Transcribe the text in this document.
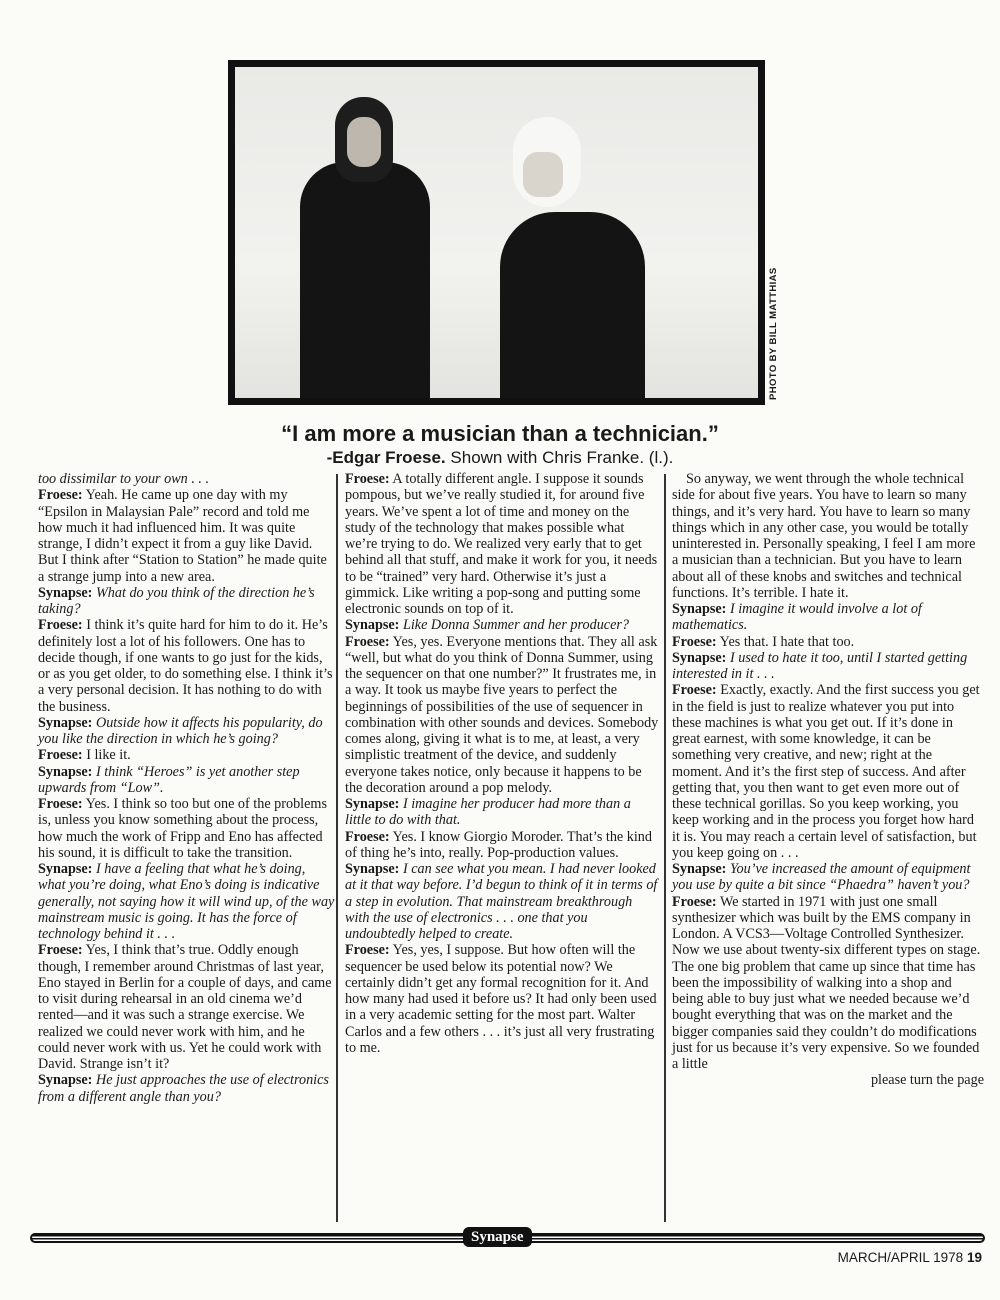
PHOTO BY BILL MATTHIAS
“I am more a musician than a technician.”
-Edgar Froese. Shown with Chris Franke. (l.).

too dissimilar to your own . . .

Froese: Yeah. He came up one day with my “Epsilon in Malaysian Pale” record and told me how much it had influenced him. It was quite strange, I didn’t expect it from a guy like David. But I think after “Station to Station” he made quite a strange jump into a new area.

Synapse: What do you think of the direction he’s taking?

Froese: I think it’s quite hard for him to do it. He’s definitely lost a lot of his followers. One has to decide though, if one wants to go just for the kids, or as you get older, to do something else. I think it’s a very personal decision. It has nothing to do with the business.

Synapse: Outside how it affects his popularity, do you like the direction in which he’s going?

Froese: I like it.

Synapse: I think “Heroes” is yet another step upwards from “Low”.

Froese: Yes. I think so too but one of the problems is, unless you know something about the process, how much the work of Fripp and Eno has affected his sound, it is difficult to take the transition.

Synapse: I have a feeling that what he’s doing, what you’re doing, what Eno’s doing is indicative generally, not saying how it will wind up, of the way mainstream music is going. It has the force of technology behind it . . .

Froese: Yes, I think that’s true. Oddly enough though, I remember around Christmas of last year, Eno stayed in Berlin for a couple of days, and came to visit during rehearsal in an old cinema we’d rented—and it was such a strange exercise. We realized we could never work with him, and he could never work with us. Yet he could work with David. Strange isn’t it?

Synapse: He just approaches the use of electronics from a different angle than you?

Froese: A totally different angle. I suppose it sounds pompous, but we’ve really studied it, for around five years. We’ve spent a lot of time and money on the study of the technology that makes possible what we’re trying to do. We realized very early that to get behind all that stuff, and make it work for you, it needs to be “trained” very hard. Otherwise it’s just a gimmick. Like writing a pop-song and putting some electronic sounds on top of it.

Synapse: Like Donna Summer and her producer?

Froese: Yes, yes. Everyone mentions that. They all ask “well, but what do you think of Donna Summer, using the sequencer on that one number?” It frustrates me, in a way. It took us maybe five years to perfect the beginnings of possibilities of the use of sequencer in combination with other sounds and devices. Somebody comes along, giving it what is to me, at least, a very simplistic treatment of the device, and suddenly everyone takes notice, only because it happens to be the decoration around a pop melody.

Synapse: I imagine her producer had more than a little to do with that.

Froese: Yes. I know Giorgio Moroder. That’s the kind of thing he’s into, really. Pop-production values.

Synapse: I can see what you mean. I had never looked at it that way before. I’d begun to think of it in terms of a step in evolution. That mainstream breakthrough with the use of electronics . . . one that you undoubtedly helped to create.

Froese: Yes, yes, I suppose. But how often will the sequencer be used below its potential now? We certainly didn’t get any formal recognition for it. And how many had used it before us? It had only been used in a very academic setting for the most part. Walter Carlos and a few others . . . it’s just all very frustrating to me.

So anyway, we went through the whole technical side for about five years. You have to learn so many things, and it’s very hard. You have to learn so many things which in any other case, you would be totally uninterested in. Personally speaking, I feel I am more a musician than a technician. But you have to learn about all of these knobs and switches and technical functions. It’s terrible. I hate it.

Synapse: I imagine it would involve a lot of mathematics.

Froese: Yes that. I hate that too.

Synapse: I used to hate it too, until I started getting interested in it . . .

Froese: Exactly, exactly. And the first success you get in the field is just to realize whatever you put into these machines is what you get out. If it’s done in great earnest, with some knowledge, it can be something very creative, and new; right at the moment. And it’s the first step of success. And after getting that, you then want to get even more out of these technical gorillas. So you keep working, you keep working and in the process you forget how hard it is. You may reach a certain level of satisfaction, but you keep going on . . .

Synapse: You’ve increased the amount of equipment you use by quite a bit since “Phaedra” haven’t you?

Froese: We started in 1971 with just one small synthesizer which was built by the EMS company in London. A VCS3—Voltage Controlled Synthesizer. Now we use about twenty-six different types on stage. The one big problem that came up since that time has been the impossibility of walking into a shop and being able to buy just what we needed because we’d bought everything that was on the market and the bigger companies said they couldn’t do modifications just for us because it’s very expensive. So we founded a little

please turn the page

Synapse
MARCH/APRIL 1978 19
